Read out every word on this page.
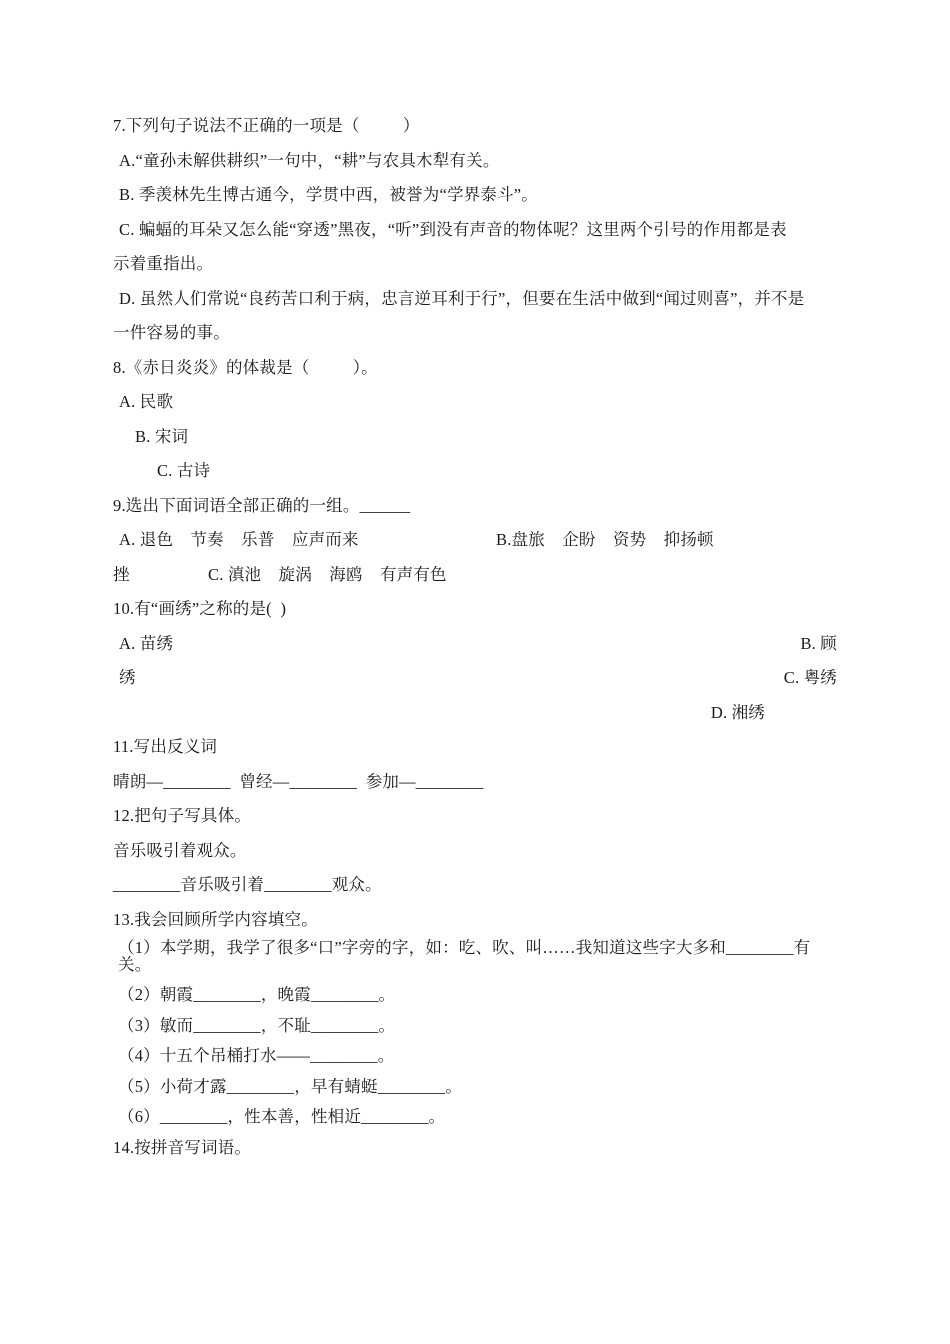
7.下列句子说法不正确的一项是（          ）
A.“童孙未解供耕织”一句中，“耕”与农具木犁有关。
B. 季羡林先生博古通今，学贯中西，被誉为“学界泰斗”。
C. 蝙蝠的耳朵又怎么能“穿透”黑夜，“听”到没有声音的物体呢？这里两个引号的作用都是表
示着重指出。
D. 虽然人们常说“良药苦口利于病，忠言逆耳利于行”，但要在生活中做到“闻过则喜”，并不是
一件容易的事。
8.《赤日炎炎》的体裁是（          ）。
A. 民歌
B. 宋词
C. 古诗
9.选出下面词语全部正确的一组。______
A. 退色    节奏    乐普    应声而来	B.盘旅    企盼    资势    抑扬顿
挫	C. 滇池    旋涡    海鸥    有声有色
10.有“画绣”之称的是(  )
A. 苗绣	B. 顾
绣	C. 粤绣
D. 湘绣
11.写出反义词
晴朗—________  曾经—________  参加—________
12.把句子写具体。
音乐吸引着观众。
________音乐吸引着________观众。
13.我会回顾所学内容填空。
（1）本学期，我学了很多“口”字旁的字，如：吃、吹、叫……我知道这些字大多和________有关。
（2）朝霞________，晚霞________。
（3）敏而________，不耻________。
（4）十五个吊桶打水——________。
（5）小荷才露________，早有蜻蜓________。
（6）________，性本善，性相近________。
14.按拼音写词语。
